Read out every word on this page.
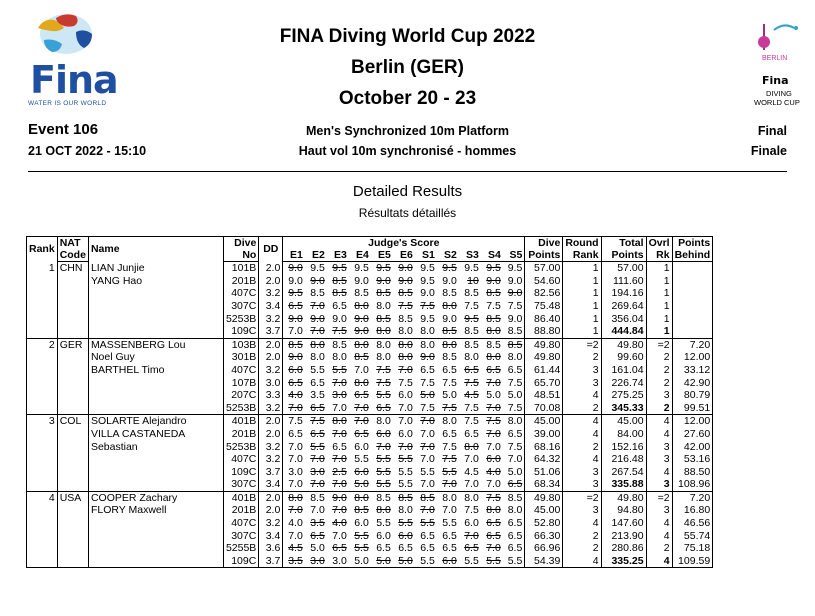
Fina
WATER IS OUR WORLD
BERLIN
Fina
DIVING
WORLD CUP
FINA Diving World Cup 2022
Berlin (GER)
October 20 - 23
Event 106
21 OCT 2022 - 15:10
Men's Synchronized 10m Platform
Haut vol 10m synchronisé - hommes
Final
Finale
Detailed Results
Résultats détaillés
Rank	NAT	Name	Dive	DD	Judge's Score											Dive	Round	Total	Ovrl	Points
	Code		No		E1	E2	E3	E4	E5	E6	S1	S2	S3	S4	S5	Points	Rank	Points	Rk	Behind
1	CHN	LIAN Junjie	101B	2.0	9.0	9.5	9.5	9.5	9.5	9.0	9.5	9.5	9.5	9.5	9.5	57.00	1	57.00	1	
		YANG Hao	201B	2.0	9.0	9.0	8.5	9.0	9.0	9.0	9.5	9.0	10	9.0	9.0	54.60	1	111.60	1	
			407C	3.2	9.5	8.5	8.5	8.5	8.5	8.5	9.0	8.5	8.5	8.5	9.0	82.56	1	194.16	1	
			307C	3.4	6.5	7.0	6.5	8.0	8.0	7.5	7.5	8.0	7.5	7.5	7.5	75.48	1	269.64	1	
			5253B	3.2	9.0	9.0	9.0	9.0	8.5	8.5	9.5	9.0	9.5	8.5	9.0	86.40	1	356.04	1	
			109C	3.7	7.0	7.0	7.5	9.0	8.0	8.0	8.0	8.5	8.5	8.0	8.5	88.80	1	444.84	1	
2	GER	MASSENBERG Lou	103B	2.0	8.5	8.0	8.5	8.0	8.0	8.0	8.0	8.0	8.5	8.5	8.5	49.80	=2	49.80	=2	7.20
		Noel Guy	301B	2.0	9.0	8.0	8.0	8.5	8.0	8.0	9.0	8.5	8.0	8.0	8.0	49.80	2	99.60	2	12.00
		BARTHEL Timo	407C	3.2	6.0	5.5	5.5	7.0	7.5	7.0	6.5	6.5	6.5	6.5	6.5	61.44	3	161.04	2	33.12
			107B	3.0	6.5	6.5	7.0	8.0	7.5	7.5	7.5	7.5	7.5	7.0	7.5	65.70	3	226.74	2	42.90
			207C	3.3	4.0	3.5	3.0	6.5	5.5	6.0	5.0	5.0	4.5	5.0	5.0	48.51	4	275.25	3	80.79
			5253B	3.2	7.0	6.5	7.0	7.0	6.5	7.0	7.5	7.5	7.5	7.0	7.5	70.08	2	345.33	2	99.51
3	COL	SOLARTE Alejandro	401B	2.0	7.5	7.5	8.0	7.0	8.0	7.0	7.0	8.0	7.5	7.5	8.0	45.00	4	45.00	4	12.00
		VILLA CASTANEDA	201B	2.0	6.5	6.5	7.0	6.5	6.0	6.0	7.0	6.5	6.5	7.0	6.5	39.00	4	84.00	4	27.60
		Sebastian	5253B	3.2	7.0	5.5	6.5	6.0	7.0	7.0	7.0	7.5	8.0	7.0	7.5	68.16	2	152.16	3	42.00
			407C	3.2	7.0	7.0	7.0	5.5	5.5	5.5	7.0	7.5	7.0	6.0	7.0	64.32	4	216.48	3	53.16
			109C	3.7	3.0	3.0	2.5	6.0	5.5	5.5	5.5	5.5	4.5	4.0	5.0	51.06	3	267.54	4	88.50
			307C	3.4	7.0	7.0	7.0	5.0	5.5	5.5	7.0	7.0	7.0	7.0	6.5	68.34	3	335.88	3	108.96
4	USA	COOPER Zachary	401B	2.0	8.0	8.5	9.0	8.0	8.5	8.5	8.5	8.0	8.0	7.5	8.5	49.80	=2	49.80	=2	7.20
		FLORY Maxwell	201B	2.0	7.0	7.0	7.0	8.5	8.0	8.0	7.0	7.0	7.5	8.0	8.0	45.00	3	94.80	3	16.80
			407C	3.2	4.0	3.5	4.0	6.0	5.5	5.5	5.5	5.5	6.0	6.5	6.5	52.80	4	147.60	4	46.56
			307C	3.4	7.0	6.5	7.0	5.5	6.0	6.0	6.5	6.5	7.0	6.5	6.5	66.30	2	213.90	4	55.74
			5255B	3.6	4.5	5.0	6.5	5.5	6.5	6.5	6.5	6.5	6.5	7.0	6.5	66.96	2	280.86	2	75.18
			109C	3.7	3.5	3.0	3.0	5.0	5.0	5.0	5.5	6.0	5.5	5.5	5.5	54.39	4	335.25	4	109.59
